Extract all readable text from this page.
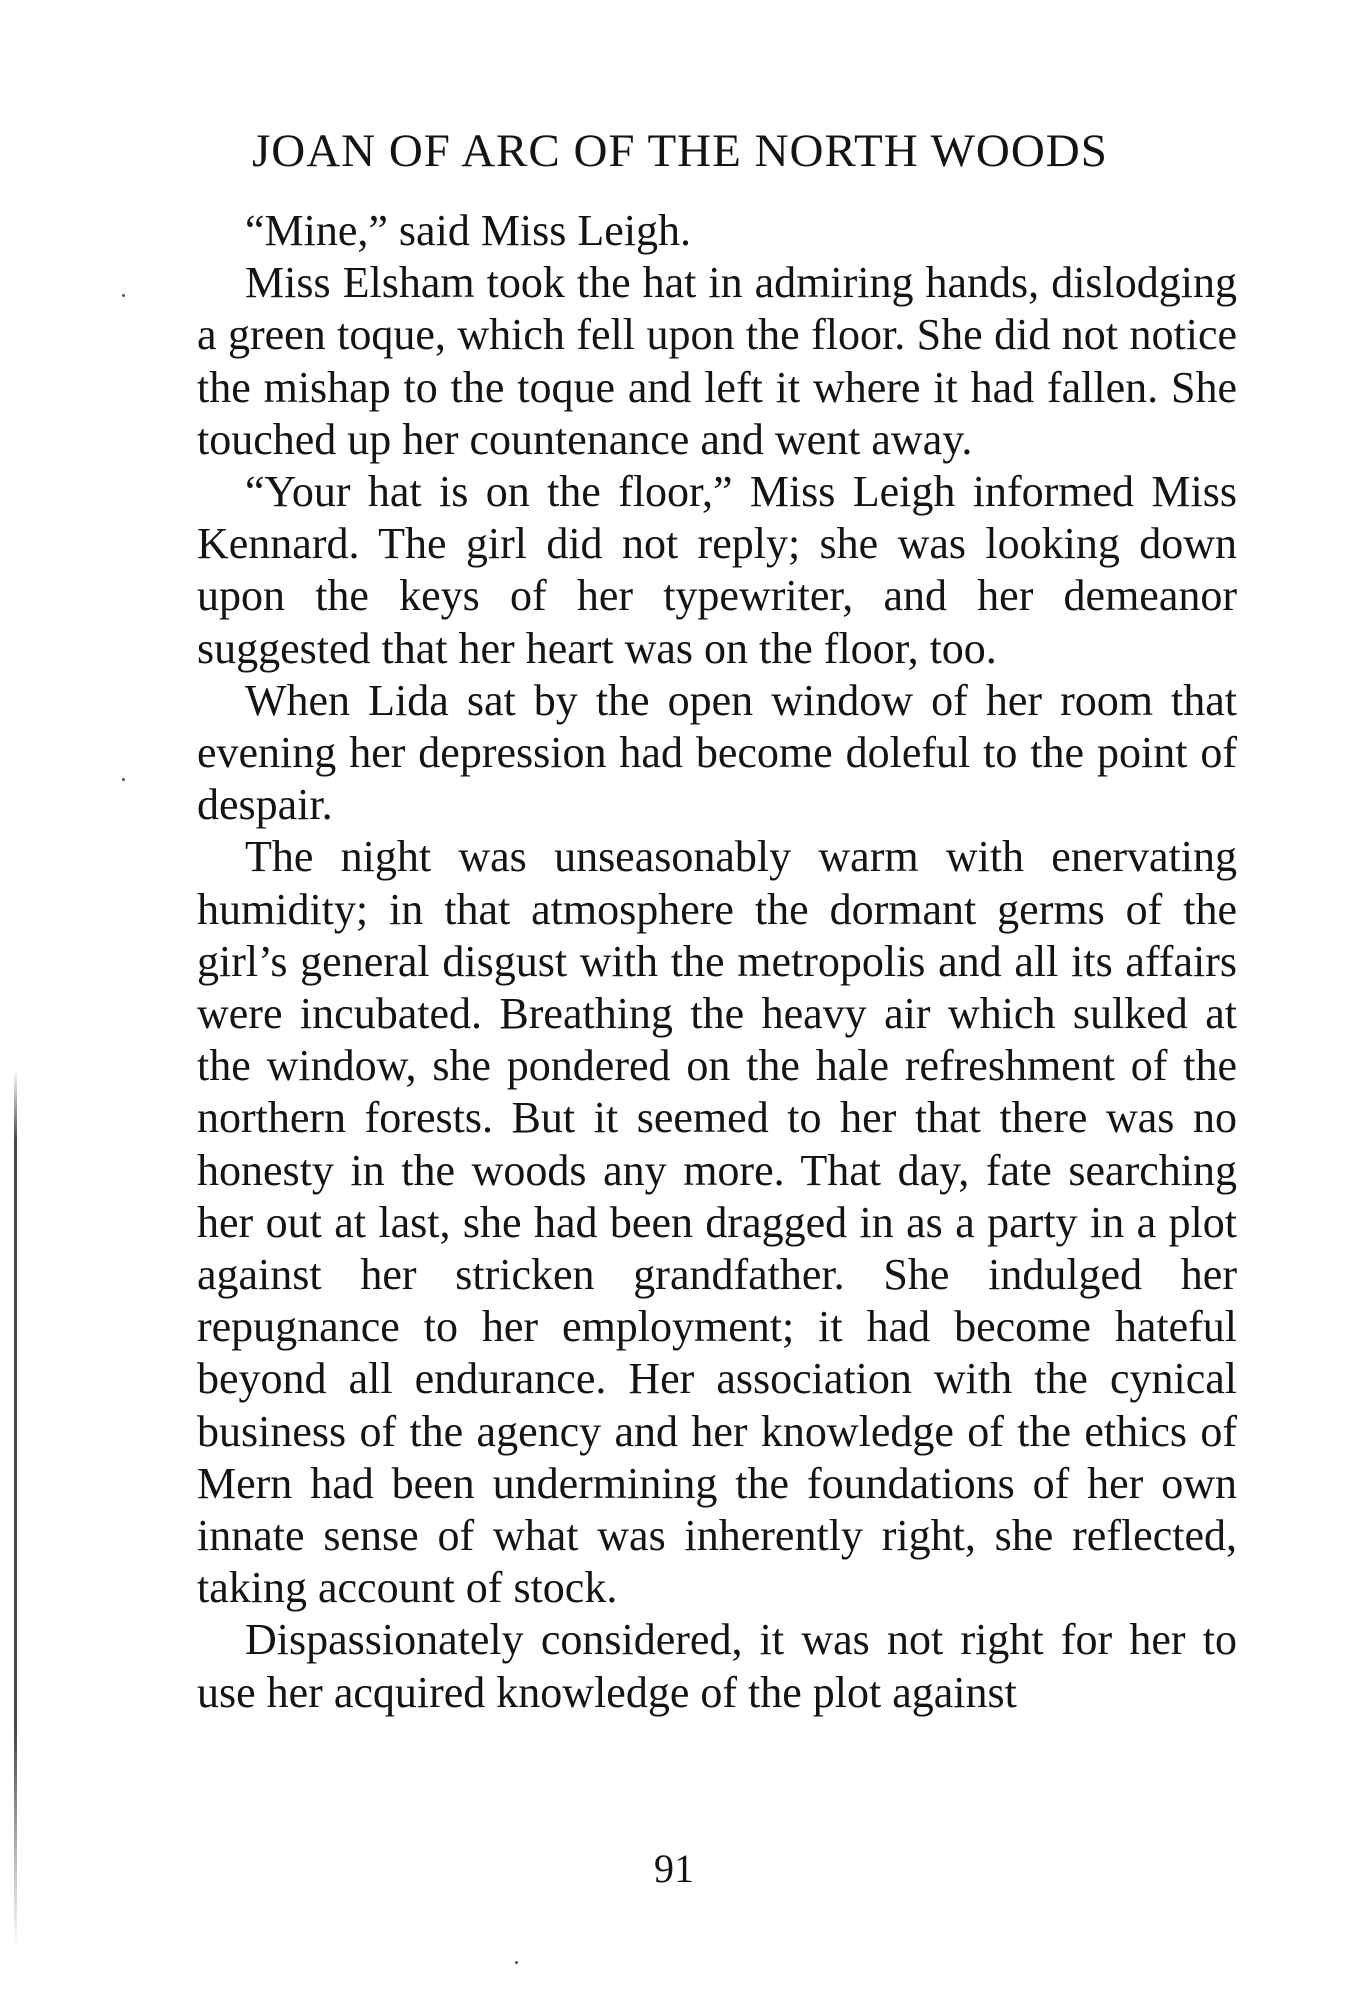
JOAN OF ARC OF THE NORTH WOODS

“Mine,” said Miss Leigh.

Miss Elsham took the hat in admiring hands, dislodging a green toque, which fell upon the floor. She did not notice the mishap to the toque and left it where it had fallen. She touched up her countenance and went away.

“Your hat is on the floor,” Miss Leigh informed Miss Kennard. The girl did not reply; she was looking down upon the keys of her typewriter, and her demeanor suggested that her heart was on the floor, too.

When Lida sat by the open window of her room that evening her depression had become doleful to the point of despair.

The night was unseasonably warm with enervating humidity; in that atmosphere the dormant germs of the girl’s general disgust with the metropolis and all its affairs were incubated. Breathing the heavy air which sulked at the window, she pondered on the hale refreshment of the northern forests. But it seemed to her that there was no honesty in the woods any more. That day, fate searching her out at last, she had been dragged in as a party in a plot against her stricken grandfather. She indulged her repugnance to her employment; it had become hateful beyond all endurance. Her association with the cynical business of the agency and her knowledge of the ethics of Mern had been undermining the foundations of her own innate sense of what was inherently right, she reflected, taking account of stock.

Dispassionately considered, it was not right for her to use her acquired knowledge of the plot against

91
